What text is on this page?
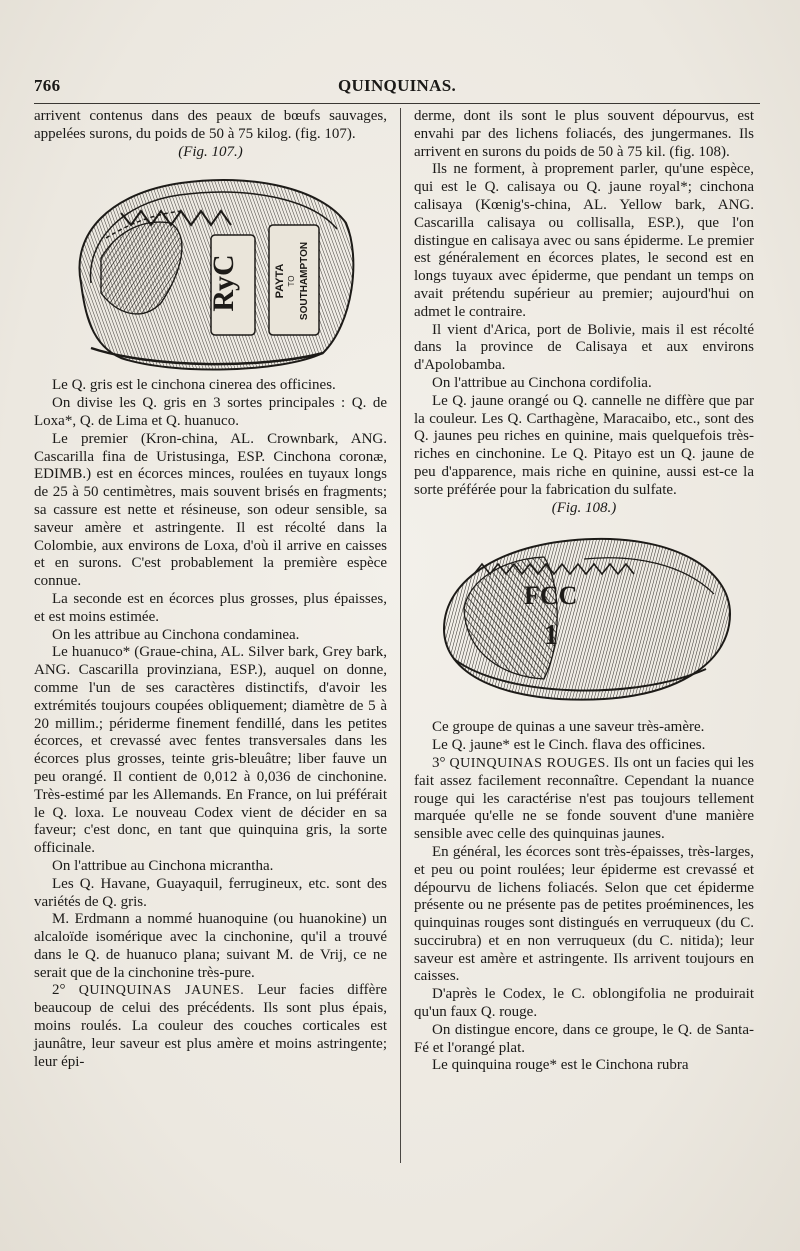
766	QUINQUINAS.

arrivent contenus dans des peaux de bœufs sauvages, appelées surons, du poids de 50 à 75 kilog. (fig. 107).

(Fig. 107.)

RyC	PAYTA TO SOUTHAMPTON

Le Q. gris est le cinchona cinerea des officines.

On divise les Q. gris en 3 sortes principales : Q. de Loxa*, Q. de Lima et Q. huanuco.

Le premier (Kron-china, AL. Crownbark, ANG. Cascarilla fina de Uristusinga, ESP. Cinchona coronæ, EDIMB.) est en écorces minces, roulées en tuyaux longs de 25 à 50 centimètres, mais souvent brisés en fragments; sa cassure est nette et résineuse, son odeur sensible, sa saveur amère et astringente. Il est récolté dans la Colombie, aux environs de Loxa, d'où il arrive en caisses et en surons. C'est probablement la première espèce connue.

La seconde est en écorces plus grosses, plus épaisses, et est moins estimée.

On les attribue au Cinchona condaminea.

Le huanuco* (Graue-china, AL. Silver bark, Grey bark, ANG. Cascarilla provinziana, ESP.), auquel on donne, comme l'un de ses caractères distinctifs, d'avoir les extrémités toujours coupées obliquement; diamètre de 5 à 20 millim.; périderme finement fendillé, dans les petites écorces, et crevassé avec fentes transversales dans les écorces plus grosses, teinte gris-bleuâtre; liber fauve un peu orangé. Il contient de 0,012 à 0,036 de cinchonine. Très-estimé par les Allemands. En France, on lui préférait le Q. loxa. Le nouveau Codex vient de décider en sa faveur; c'est donc, en tant que quinquina gris, la sorte officinale.

On l'attribue au Cinchona micrantha.

Les Q. Havane, Guayaquil, ferrugineux, etc. sont des variétés de Q. gris.

M. Erdmann a nommé huanoquine (ou huanokine) un alcaloïde isomérique avec la cinchonine, qu'il a trouvé dans le Q. de huanuco plana; suivant M. de Vrij, ce ne serait que de la cinchonine très-pure.

2° QUINQUINAS JAUNES. Leur facies diffère beaucoup de celui des précédents. Ils sont plus épais, moins roulés. La couleur des couches corticales est jaunâtre, leur saveur est plus amère et moins astringente; leur épi-

derme, dont ils sont le plus souvent dépourvus, est envahi par des lichens foliacés, des jungermanes. Ils arrivent en surons du poids de 50 à 75 kil. (fig. 108).

Ils ne forment, à proprement parler, qu'une espèce, qui est le Q. calisaya ou Q. jaune royal*; cinchona calisaya (Kœnig's-china, AL. Yellow bark, ANG. Cascarilla calisaya ou collisalla, ESP.), que l'on distingue en calisaya avec ou sans épiderme. Le premier est généralement en écorces plates, le second est en longs tuyaux avec épiderme, que pendant un temps on avait prétendu supérieur au premier; aujourd'hui on admet le contraire.

Il vient d'Arica, port de Bolivie, mais il est récolté dans la province de Calisaya et aux environs d'Apolobamba.

On l'attribue au Cinchona cordifolia.

Le Q. jaune orangé ou Q. cannelle ne diffère que par la couleur. Les Q. Carthagène, Maracaibo, etc., sont des Q. jaunes peu riches en quinine, mais quelquefois très-riches en cinchonine. Le Q. Pitayo est un Q. jaune de peu d'apparence, mais riche en quinine, aussi est-ce la sorte préférée pour la fabrication du sulfate.

(Fig. 108.)

FCC
1

Ce groupe de quinas a une saveur très-amère.

Le Q. jaune* est le Cinch. flava des officines.

3° QUINQUINAS ROUGES. Ils ont un facies qui les fait assez facilement reconnaître. Cependant la nuance rouge qui les caractérise n'est pas toujours tellement marquée qu'elle ne se fonde souvent d'une manière sensible avec celle des quinquinas jaunes.

En général, les écorces sont très-épaisses, très-larges, et peu ou point roulées; leur épiderme est crevassé et dépourvu de lichens foliacés. Selon que cet épiderme présente ou ne présente pas de petites proéminences, les quinquinas rouges sont distingués en verruqueux (du C. succirubra) et en non verruqueux (du C. nitida); leur saveur est amère et astringente. Ils arrivent toujours en caisses.

D'après le Codex, le C. oblongifolia ne produirait qu'un faux Q. rouge.

On distingue encore, dans ce groupe, le Q. de Santa-Fé et l'orangé plat.

Le quinquina rouge* est le Cinchona rubra
